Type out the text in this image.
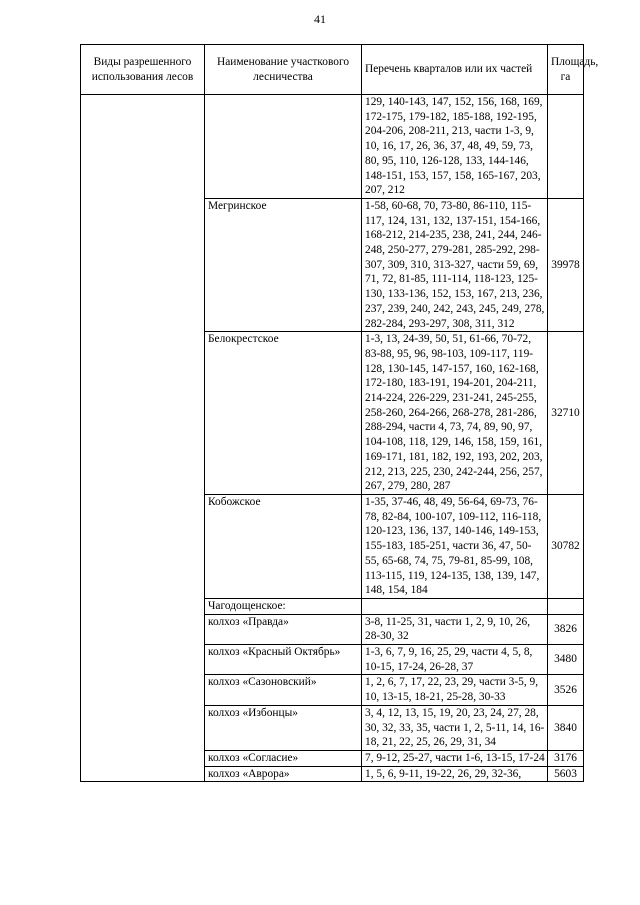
41
Виды разрешенного использования лесов	Наименование участкового лесничества	Перечень кварталов или их частей	Площадь, га
		129, 140-143, 147, 152, 156, 168, 169, 172-175, 179-182, 185-188, 192-195, 204-206, 208-211, 213, части 1-3, 9, 10, 16, 17, 26, 36, 37, 48, 49, 59, 73, 80, 95, 110, 126-128, 133, 144-146, 148-151, 153, 157, 158, 165-167, 203, 207, 212	
	Мегринское	1-58, 60-68, 70, 73-80, 86-110, 115-117, 124, 131, 132, 137-151, 154-166, 168-212, 214-235, 238, 241, 244, 246-248, 250-277, 279-281, 285-292, 298-307, 309, 310, 313-327, части 59, 69, 71, 72, 81-85, 111-114, 118-123, 125-130, 133-136, 152, 153, 167, 213, 236, 237, 239, 240, 242, 243, 245, 249, 278, 282-284, 293-297, 308, 311, 312	39978
	Белокрестское	1-3, 13, 24-39, 50, 51, 61-66, 70-72, 83-88, 95, 96, 98-103, 109-117, 119-128, 130-145, 147-157, 160, 162-168, 172-180, 183-191, 194-201, 204-211, 214-224, 226-229, 231-241, 245-255, 258-260, 264-266, 268-278, 281-286, 288-294, части 4, 73, 74, 89, 90, 97, 104-108, 118, 129, 146, 158, 159, 161, 169-171, 181, 182, 192, 193, 202, 203, 212, 213, 225, 230, 242-244, 256, 257, 267, 279, 280, 287	32710
	Кобожское	1-35, 37-46, 48, 49, 56-64, 69-73, 76-78, 82-84, 100-107, 109-112, 116-118, 120-123, 136, 137, 140-146, 149-153, 155-183, 185-251, части 36, 47, 50-55, 65-68, 74, 75, 79-81, 85-99, 108, 113-115, 119, 124-135, 138, 139, 147, 148, 154, 184	30782
	Чагодощенское:		
	колхоз «Правда»	3-8, 11-25, 31, части 1, 2, 9, 10, 26, 28-30, 32	3826
	колхоз «Красный Октябрь»	1-3, 6, 7, 9, 16, 25, 29, части 4, 5, 8, 10-15, 17-24, 26-28, 37	3480
	колхоз «Сазоновский»	1, 2, 6, 7, 17, 22, 23, 29, части 3-5, 9, 10, 13-15, 18-21, 25-28, 30-33	3526
	колхоз «Избонцы»	3, 4, 12, 13, 15, 19, 20, 23, 24, 27, 28, 30, 32, 33, 35, части 1, 2, 5-11, 14, 16-18, 21, 22, 25, 26, 29, 31, 34	3840
	колхоз «Согласие»	7, 9-12, 25-27, части 1-6, 13-15, 17-24	3176
	колхоз «Аврора»	1, 5, 6, 9-11, 19-22, 26, 29, 32-36,	5603
